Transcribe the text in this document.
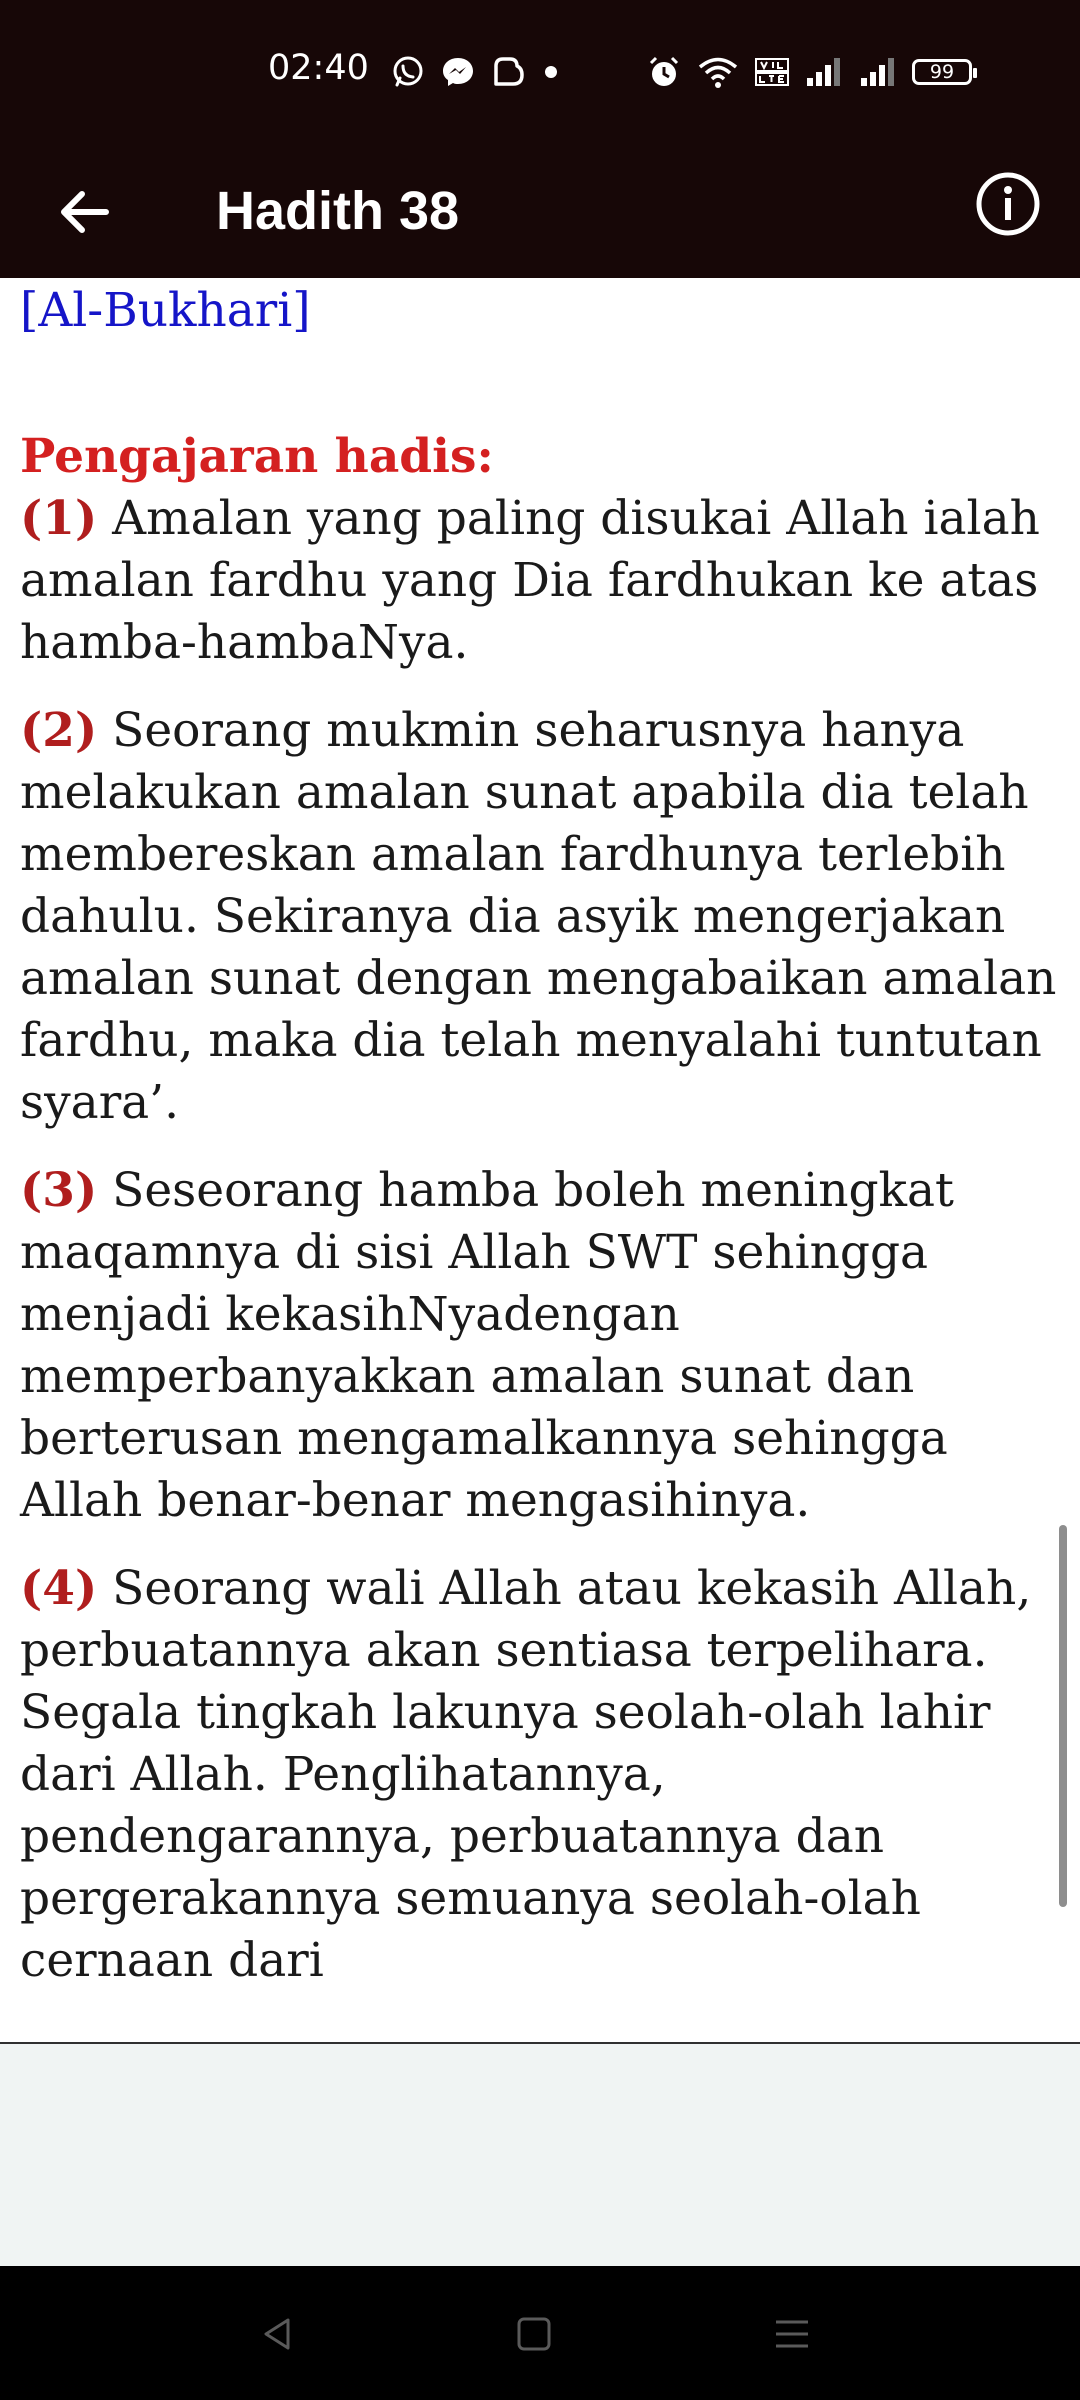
02:40	99
Hadith 38

[Al-Bukhari]

Pengajaran hadis:

(1) Amalan yang paling disukai Allah ialah amalan fardhu yang Dia fardhukan ke atas hamba-hambaNya.

(2) Seorang mukmin seharusnya hanya melakukan amalan sunat apabila dia telah membereskan amalan fardhunya terlebih dahulu. Sekiranya dia asyik mengerjakan amalan sunat dengan mengabaikan amalan fardhu, maka dia telah menyalahi tuntutan syara’.

(3) Seseorang hamba boleh meningkat maqamnya di sisi Allah SWT sehingga menjadi kekasihNyadengan memperbanyakkan amalan sunat dan berterusan mengamalkannya sehingga Allah benar-benar mengasihinya.

(4) Seorang wali Allah atau kekasih Allah, perbuatannya akan sentiasa terpelihara. Segala tingkah lakunya seolah-olah lahir dari Allah. Penglihatannya, pendengarannya, perbuatannya dan pergerakannya semuanya seolah-olah cernaan dari
